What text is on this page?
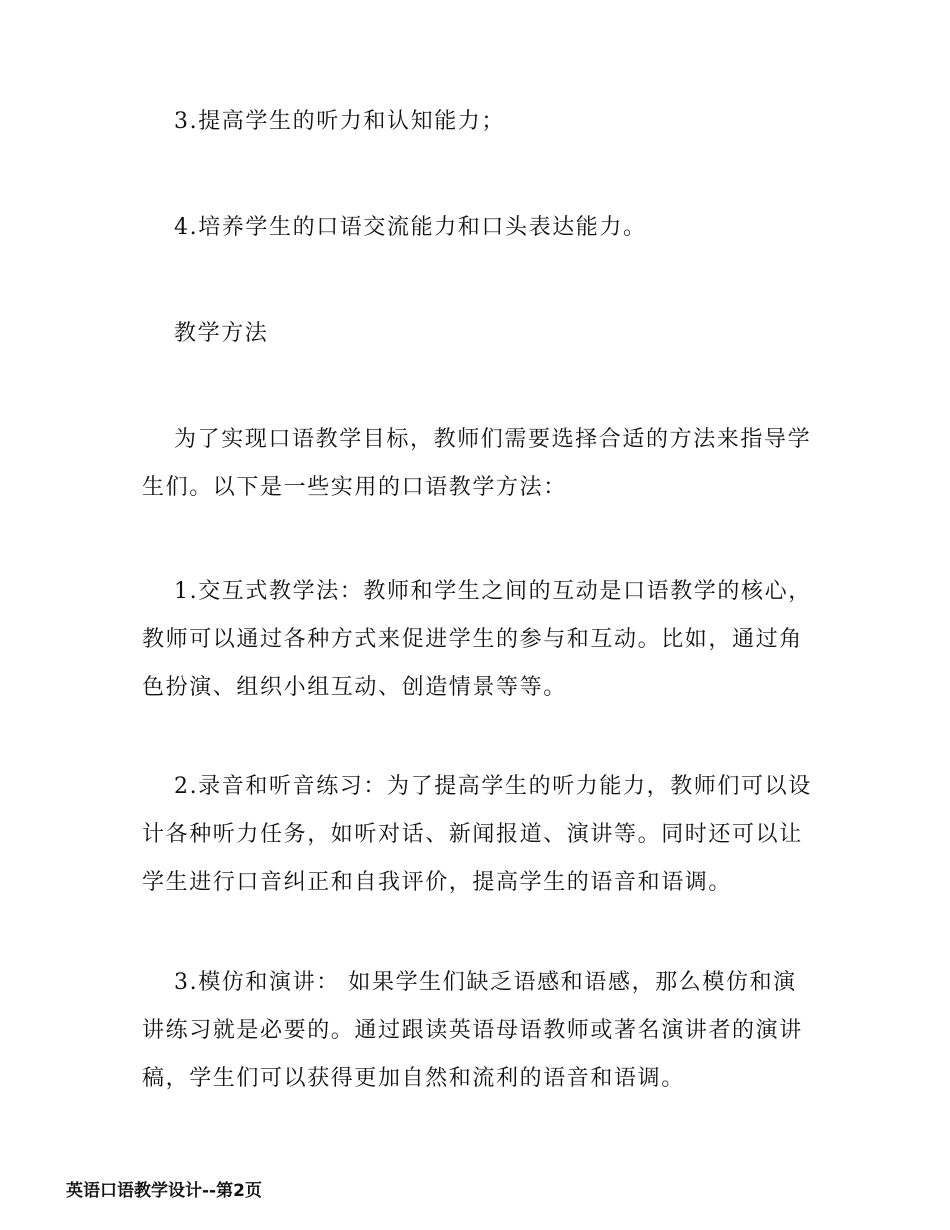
3.提高学生的听力和认知能力；

4.培养学生的口语交流能力和口头表达能力。

教学方法

为了实现口语教学目标，教师们需要选择合适的方法来指导学生们。以下是一些实用的口语教学方法：

1.交互式教学法：教师和学生之间的互动是口语教学的核心，教师可以通过各种方式来促进学生的参与和互动。比如，通过角色扮演、组织小组互动、创造情景等等。

2.录音和听音练习：为了提高学生的听力能力，教师们可以设计各种听力任务，如听对话、新闻报道、演讲等。同时还可以让学生进行口音纠正和自我评价，提高学生的语音和语调。

3.模仿和演讲： 如果学生们缺乏语感和语感，那么模仿和演讲练习就是必要的。通过跟读英语母语教师或著名演讲者的演讲稿，学生们可以获得更加自然和流利的语音和语调。

英语口语教学设计--第2页
